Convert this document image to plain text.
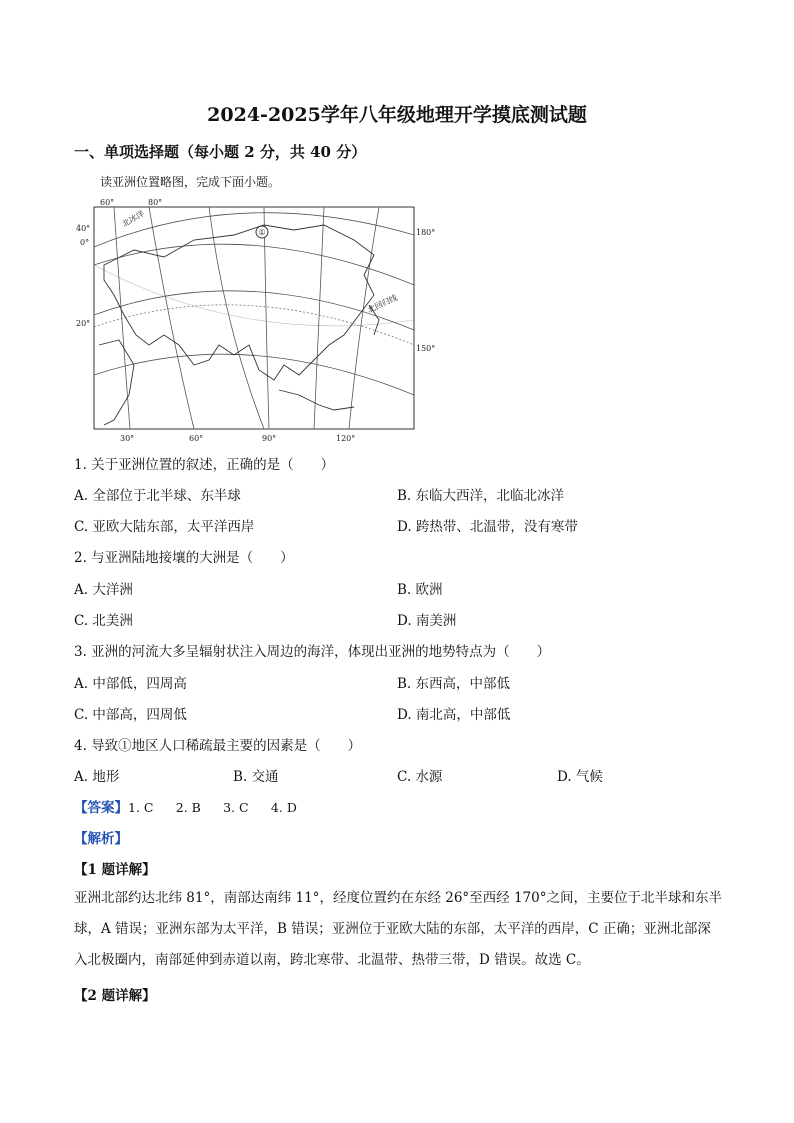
2024-2025学年八年级地理开学摸底测试题
一、单项选择题（每小题 2 分，共 40 分）
读亚洲位置略图，完成下面小题。
①
北冰洋
北回归线
60°	80°
30°	60°	90°	120°
40°
0°
20°
180°
150°
1. 关于亚洲位置的叙述，正确的是（　　）
A. 全部位于北半球、东半球	B. 东临大西洋，北临北冰洋
C. 亚欧大陆东部，太平洋西岸	D. 跨热带、北温带，没有寒带
2. 与亚洲陆地接壤的大洲是（　　）
A. 大洋洲	B. 欧洲
C. 北美洲	D. 南美洲
3. 亚洲的河流大多呈辐射状注入周边的海洋，体现出亚洲的地势特点为（　　）
A. 中部低，四周高	B. 东西高，中部低
C. 中部高，四周低	D. 南北高，中部低
4. 导致①地区人口稀疏最主要的因素是（　　）
A. 地形	B. 交通	C. 水源	D. 气候
【答案】1. C 2. B 3. C 4. D
【解析】
【1 题详解】
亚洲北部约达北纬 81°，南部达南纬 11°，经度位置约在东经 26°至西经 170°之间，主要位于北半球和东半球，A 错误；亚洲东部为太平洋，B 错误；亚洲位于亚欧大陆的东部，太平洋的西岸，C 正确；亚洲北部深入北极圈内，南部延伸到赤道以南，跨北寒带、北温带、热带三带，D 错误。故选 C。
【2 题详解】
